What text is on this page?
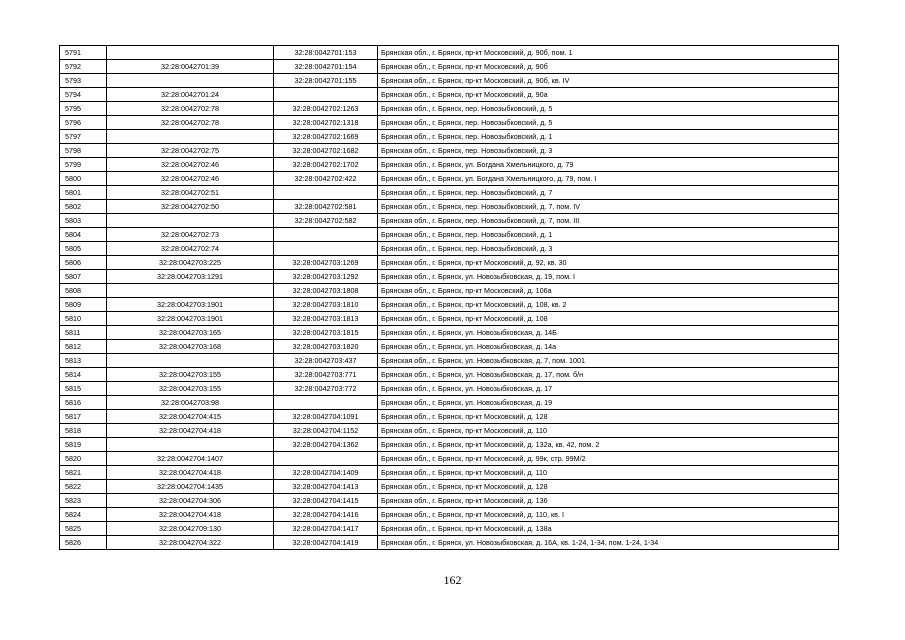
5791		32:28:0042701:153	Брянская обл., г. Брянск, пр-кт Московский, д. 90б, пом. 1
5792	32:28:0042701:39	32:28:0042701:154	Брянская обл., г. Брянск, пр-кт Московский, д. 90б
5793		32:28:0042701:155	Брянская обл., г. Брянск, пр-кт Московский, д. 90б, кв. IV
5794	32:28:0042701:24		Брянская обл., г. Брянск, пр-кт Московский, д. 90а
5795	32:28:0042702:78	32:28:0042702:1263	Брянская обл., г. Брянск, пер. Новозыбковский, д. 5
5796	32:28:0042702:78	32:28:0042702:1318	Брянская обл., г. Брянск, пер. Новозыбковский, д. 5
5797		32:28:0042702:1669	Брянская обл., г. Брянск, пер. Новозыбковский, д. 1
5798	32:28:0042702:75	32:28:0042702:1682	Брянская обл., г. Брянск, пер. Новозыбковский, д. 3
5799	32:28:0042702:46	32:28:0042702:1702	Брянская обл., г. Брянск, ул. Богдана Хмельницкого, д. 79
5800	32:28:0042702:46	32:28:0042702:422	Брянская обл., г. Брянск, ул. Богдана Хмельницкого, д. 79, пом. I
5801	32:28:0042702:51		Брянская обл., г. Брянск, пер. Новозыбковский, д. 7
5802	32:28:0042702:50	32:28:0042702:581	Брянская обл., г. Брянск, пер. Новозыбковский, д. 7, пом. IV
5803		32:28:0042702:582	Брянская обл., г. Брянск, пер. Новозыбковский, д. 7, пом. III
5804	32:28:0042702:73		Брянская обл., г. Брянск, пер. Новозыбковский, д. 1
5805	32:28:0042702:74		Брянская обл., г. Брянск, пер. Новозыбковский, д. 3
5806	32:28:0042703:225	32:28:0042703:1269	Брянская обл., г. Брянск, пр-кт Московский, д. 92, кв. 30
5807	32:28:0042703:1291	32:28:0042703:1292	Брянская обл., г. Брянск, ул. Новозыбковская, д. 19, пом. I
5808		32:28:0042703:1808	Брянская обл., г. Брянск, пр-кт Московский, д. 106а
5809	32:28:0042703:1901	32:28:0042703:1810	Брянская обл., г. Брянск, пр-кт Московский, д. 108, кв. 2
5810	32:28:0042703:1901	32:28:0042703:1813	Брянская обл., г. Брянск, пр-кт Московский, д. 108
5811	32:28:0042703:165	32:28:0042703:1815	Брянская обл., г. Брянск, ул. Новозыбковская, д. 14Б
5812	32:28:0042703:168	32:28:0042703:1820	Брянская обл., г. Брянск, ул. Новозыбковская, д. 14а
5813		32:28:0042703:437	Брянская обл., г. Брянск, ул. Новозыбковская, д. 7, пом. 1001
5814	32:28:0042703:155	32:28:0042703:771	Брянская обл., г. Брянск, ул. Новозыбковская, д. 17, пом. б/н
5815	32:28:0042703:155	32:28:0042703:772	Брянская обл., г. Брянск, ул. Новозыбковская, д. 17
5816	32:28:0042703:98		Брянская обл., г. Брянск, ул. Новозыбковская, д. 19
5817	32:28:0042704:415	32:28:0042704:1091	Брянская обл., г. Брянск, пр-кт Московский, д. 128
5818	32:28:0042704:418	32:28:0042704:1152	Брянская обл., г. Брянск, пр-кт Московский, д. 110
5819		32:28:0042704:1362	Брянская обл., г. Брянск, пр-кт Московский, д. 132а, кв. 42, пом. 2
5820	32:28:0042704:1407		Брянская обл., г. Брянск, пр-кт Московский, д. 99к, стр. 99М/2
5821	32:28:0042704:418	32:28:0042704:1409	Брянская обл., г. Брянск, пр-кт Московский, д. 110
5822	32:28:0042704:1435	32:28:0042704:1413	Брянская обл., г. Брянск, пр-кт Московский, д. 128
5823	32:28:0042704:306	32:28:0042704:1415	Брянская обл., г. Брянск, пр-кт Московский, д. 136
5824	32:28:0042704:418	32:28:0042704:1416	Брянская обл., г. Брянск, пр-кт Московский, д. 110, кв. I
5825	32:28:0042709:130	32:28:0042704:1417	Брянская обл., г. Брянск, пр-кт Московский, д. 138а
5826	32:28:0042704:322	32:28:0042704:1419	Брянская обл., г. Брянск, ул. Новозыбковская, д. 16А, кв. 1-24, 1-34, пом. 1-24, 1-34
162
